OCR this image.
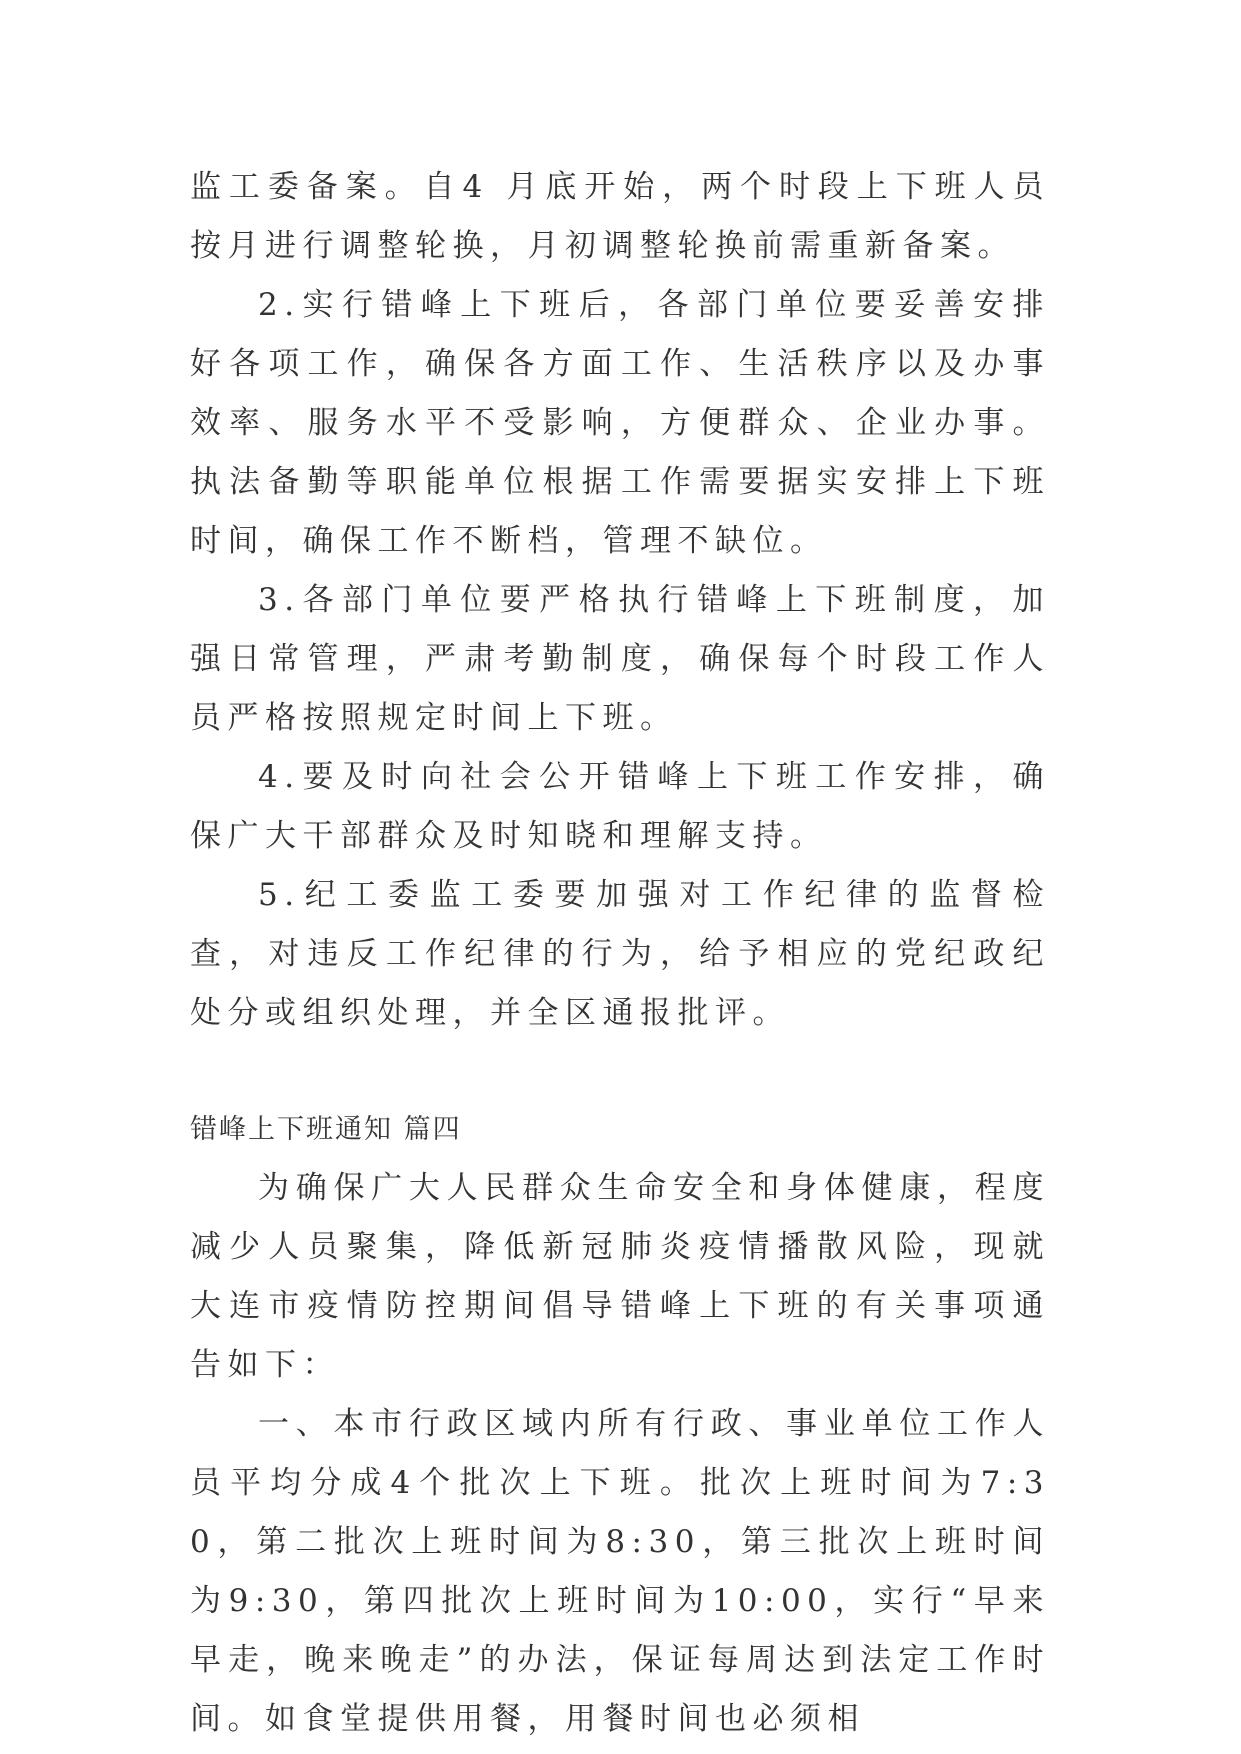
监工委备案。自4 月底开始，两个时段上下班人员按月进行调整轮换，月初调整轮换前需重新备案。

2.实行错峰上下班后，各部门单位要妥善安排好各项工作，确保各方面工作、生活秩序以及办事效率、服务水平不受影响，方便群众、企业办事。执法备勤等职能单位根据工作需要据实安排上下班时间，确保工作不断档，管理不缺位。

3.各部门单位要严格执行错峰上下班制度，加强日常管理，严肃考勤制度，确保每个时段工作人员严格按照规定时间上下班。

4.要及时向社会公开错峰上下班工作安排，确保广大干部群众及时知晓和理解支持。

5.纪工委监工委要加强对工作纪律的监督检查，对违反工作纪律的行为，给予相应的党纪政纪处分或组织处理，并全区通报批评。

错峰上下班通知 篇四

为确保广大人民群众生命安全和身体健康，程度减少人员聚集，降低新冠肺炎疫情播散风险，现就大连市疫情防控期间倡导错峰上下班的有关事项通告如下：

一、本市行政区域内所有行政、事业单位工作人员平均分成4个批次上下班。批次上班时间为7:30，第二批次上班时间为8:30，第三批次上班时间为9:30，第四批次上班时间为10:00，实行“早来早走，晚来晚走”的办法，保证每周达到法定工作时间。如食堂提供用餐，用餐时间也必须相
